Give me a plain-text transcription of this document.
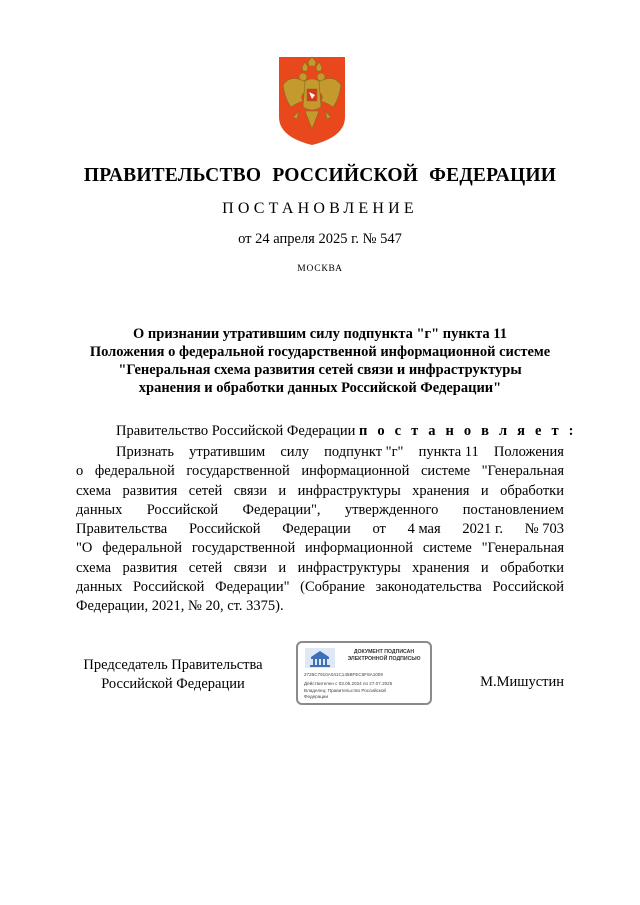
ПРАВИТЕЛЬСТВО РОССИЙСКОЙ ФЕДЕРАЦИИ
ПОСТАНОВЛЕНИЕ
от 24 апреля 2025 г. № 547
МОСКВА
О признании утратившим силу подпункта "г" пункта 11
Положения о федеральной государственной информационной системе
"Генеральная схема развития сетей связи и инфраструктуры
хранения и обработки данных Российской Федерации"
Правительство Российской Федерации п о с т а н о в л я е т :
Признать утратившим силу подпункт "г" пункта 11 Положения
о федеральной государственной информационной системе "Генеральная
схема развития сетей связи и инфраструктуры хранения и обработки
данных Российской Федерации", утвержденного постановлением
Правительства Российской Федерации от 4 мая 2021 г. № 703
"О федеральной государственной информационной системе "Генеральная
схема развития сетей связи и инфраструктуры хранения и обработки
данных Российской Федерации" (Собрание законодательства Российской
Федерации, 2021, № 20, ст. 3375).
Председатель Правительства
Российской Федерации
ДОКУМЕНТ ПОДПИСАН
ЭЛЕКТРОННОЙ ПОДПИСЬЮ
2726C7910A041C145BFEC6F8A1009
Действителен с 03.05.2024 по 27.07.2025
Владелец: Правительство Российской
Федерации
М.Мишустин
